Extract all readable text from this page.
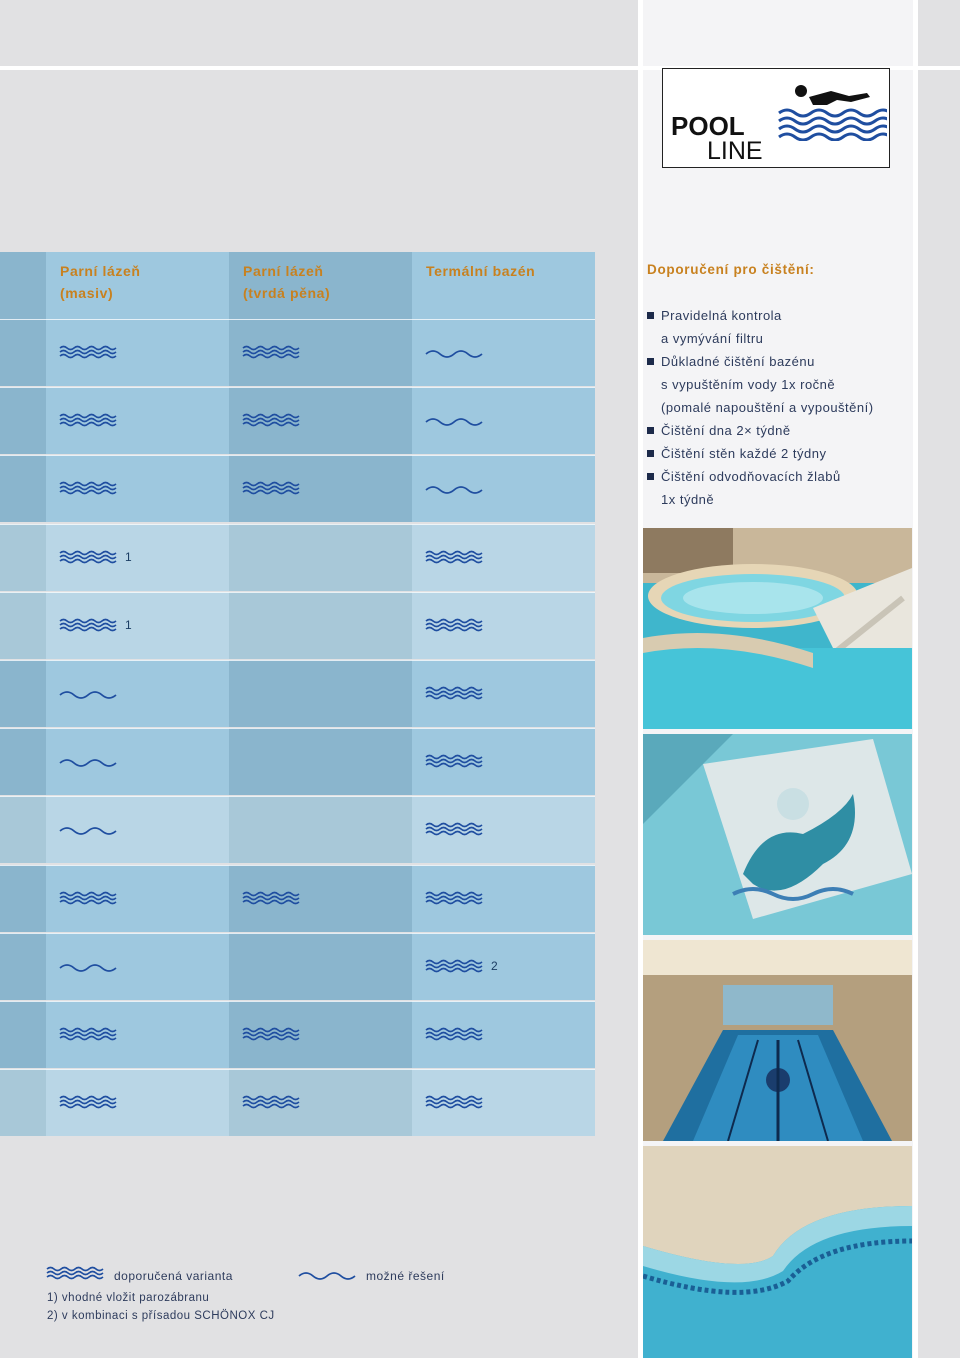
POOL
LINE
Parní lázeň
(masiv)
Parní lázeň
(tvrdá pěna)
Termální bazén
1
1
2
Doporučení pro čištění:
Pravidelná kontrola
a vymývání filtru
Důkladné čištění bazénu
s vypuštěním vody 1x ročně
(pomalé napouštění a vypouštění)
Čištění dna 2× týdně
Čištění stěn každé 2 týdny
Čištění odvodňovacích žlabů
1x týdně
doporučená varianta	možné řešení
1) vhodné vložit parozábranu
2) v kombinaci s přísadou SCHÖNOX CJ
